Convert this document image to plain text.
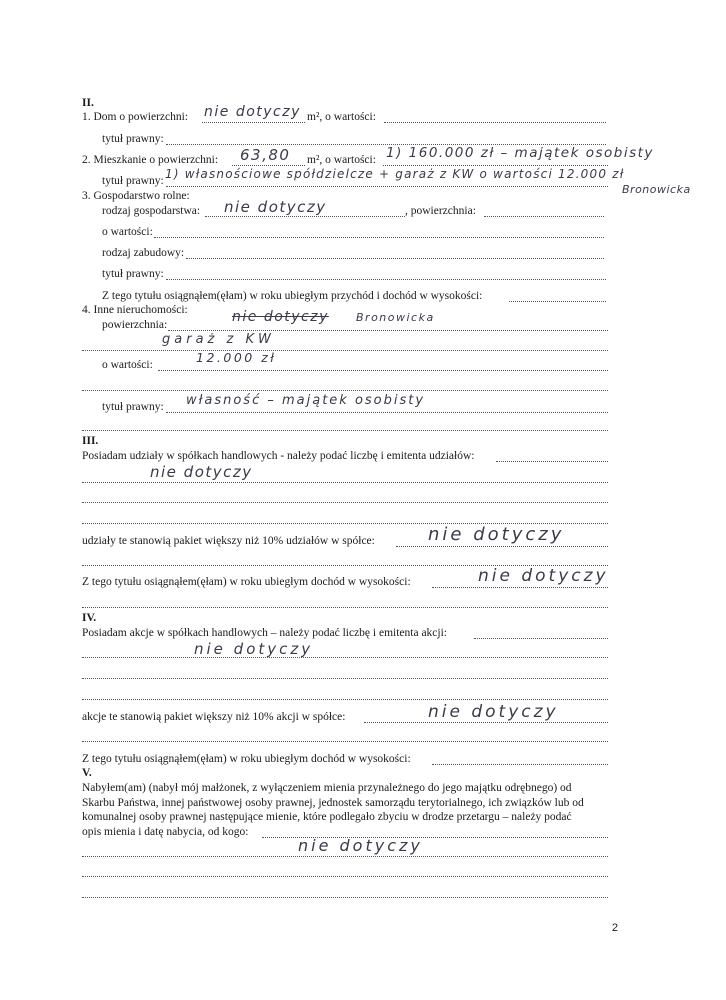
II.
1. Dom o powierzchni:	nie dotyczy m², o wartości:
tytuł prawny:
2. Mieszkanie o powierzchni:	63,80 m², o wartości: 1) 160.000 zł – majątek osobisty
tytuł prawny: 1) własnościowe spółdzielcze + garaż z KW o wartości 12.000 zł
Bronowicka
3. Gospodarstwo rolne:
rodzaj gospodarstwa:	nie dotyczy	, powierzchnia:
o wartości:
rodzaj zabudowy:
tytuł prawny:
Z tego tytułu osiągnąłem(ęłam) w roku ubiegłym przychód i dochód w wysokości:
4. Inne nieruchomości:
powierzchnia:	nie dotyczy Bronowicka
garaż z KW
o wartości:	12.000 zł
tytuł prawny:	własność – majątek osobisty
III.
Posiadam udziały w spółkach handlowych - należy podać liczbę i emitenta udziałów:
nie dotyczy
udziały te stanowią pakiet większy niż 10% udziałów w spółce:	nie dotyczy
Z tego tytułu osiągnąłem(ęłam) w roku ubiegłym dochód w wysokości:	nie dotyczy
IV.
Posiadam akcje w spółkach handlowych – należy podać liczbę i emitenta akcji:
nie dotyczy
akcje te stanowią pakiet większy niż 10% akcji w spółce:	nie dotyczy
Z tego tytułu osiągnąłem(ęłam) w roku ubiegłym dochód w wysokości:
V.
Nabyłem(am) (nabył mój małżonek, z wyłączeniem mienia przynależnego do jego majątku odrębnego) od
Skarbu Państwa, innej państwowej osoby prawnej, jednostek samorządu terytorialnego, ich związków lub od
komunalnej osoby prawnej następujące mienie, które podlegało zbyciu w drodze przetargu – należy podać
opis mienia i datę nabycia, od kogo:
nie dotyczy
2
